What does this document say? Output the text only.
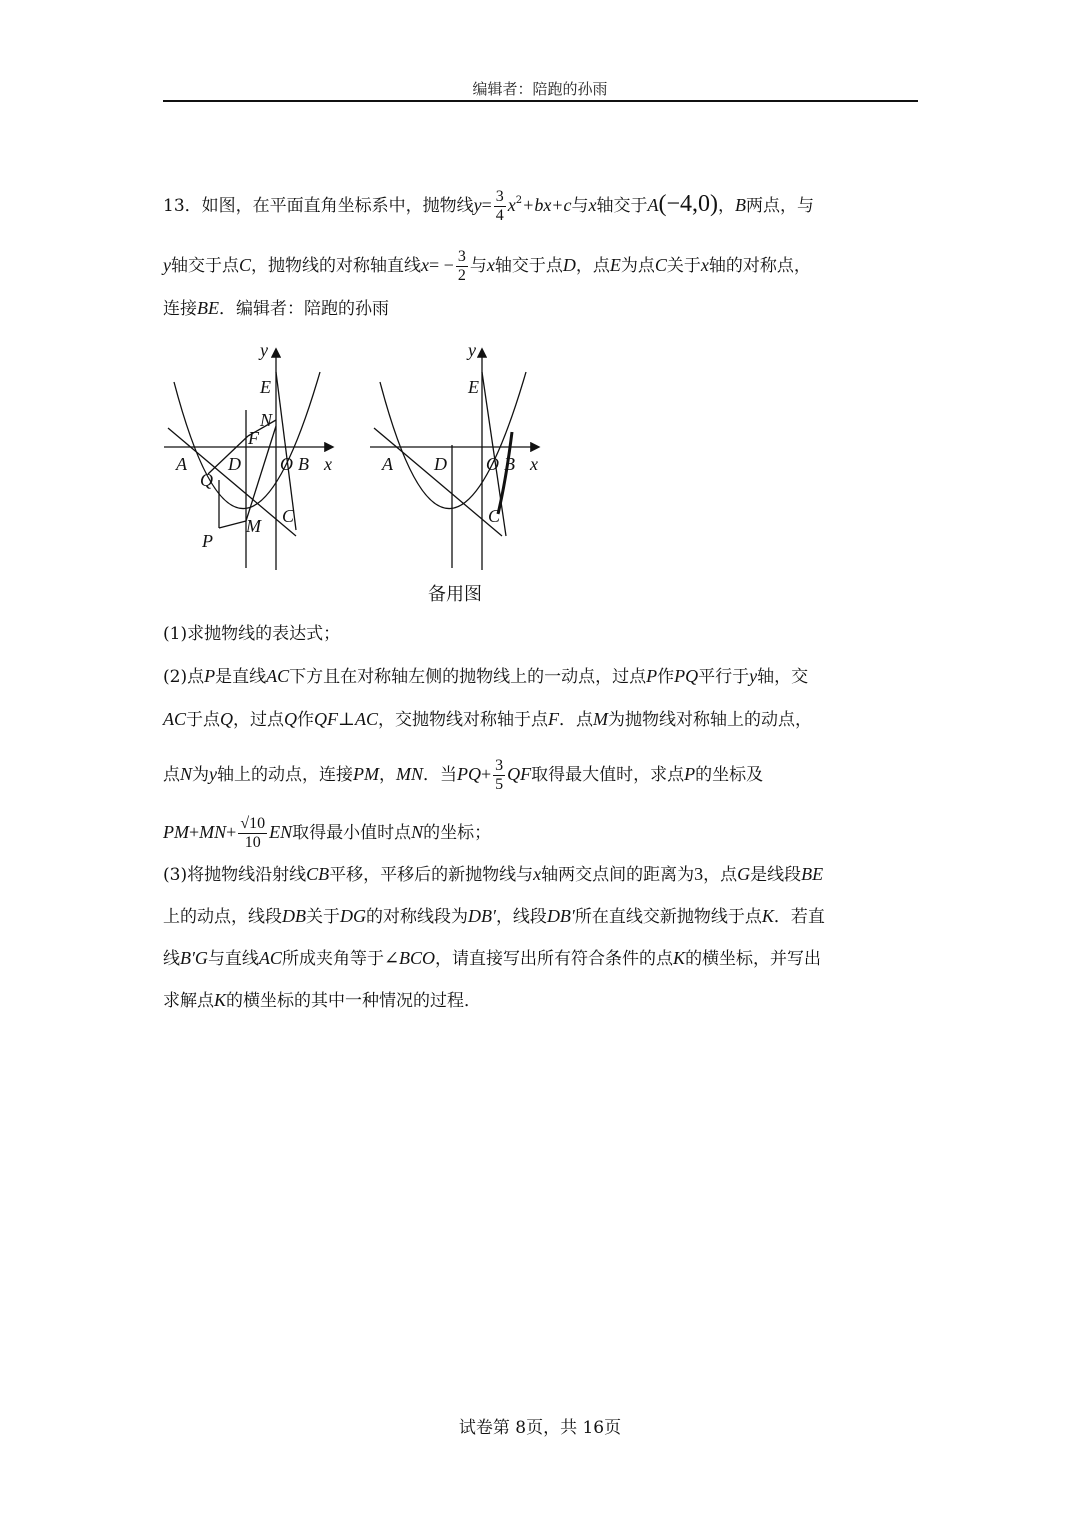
编辑者：陪跑的孙雨
13．如图，在平面直角坐标系中，抛物线$y= \frac{3}{4} x^2+bx+c$与x轴交于A(−4,0)，B两点，与
y轴交于点C，抛物线的对称轴直线$x= - \frac{3}{2}$ 与x轴交于点D，点E为点C关于x轴的对称点，
连接BE．编辑者：陪跑的孙雨
y
x
A D O B
E
N
F
Q
M
P
C
y
x
A D O B
E
C
备用图
(1)求抛物线的表达式；
(2)点P是直线AC下方且在对称轴左侧的抛物线上的一动点，过点P作PQ平行于y轴，交
AC于点Q，过点Q作QF⊥AC，交抛物线对称轴于点F．点M为抛物线对称轴上的动点，
点N为y轴上的动点，连接PM，MN．当$PQ+ \frac{3}{5}$ QF取得最大值时，求点P的坐标及
$PM+MN+ \frac{√10}{10}$ EN取得最小值时点N的坐标；
(3)将抛物线沿射线CB平移，平移后的新抛物线与x轴两交点间的距离为3，点G是线段BE
上的动点，线段DB关于DG的对称线段为DB′，线段DB′所在直线交新抛物线于点K．若直
线B′G与直线AC所成夹角等于∠BCO，请直接写出所有符合条件的点K的横坐标，并写出
求解点K的横坐标的其中一种情况的过程．
试卷第 8页，共 16页
